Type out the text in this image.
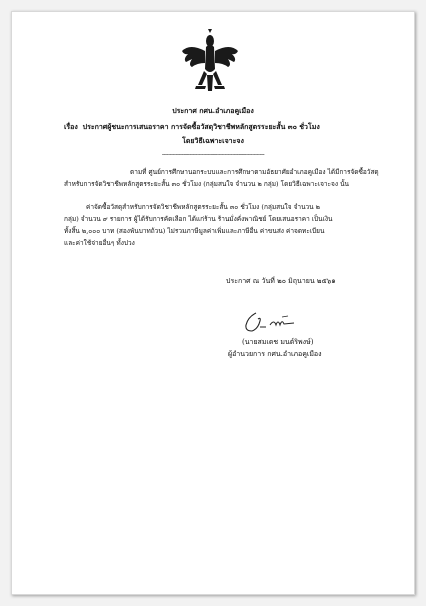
ประกาศ กศน.อำเภอคูเมือง
เรื่อง ประกาศผู้ชนะการเสนอราคา การจัดซื้อวัสดุวิชาชีพหลักสูตรระยะสั้น ๓๐ ชั่วโมง
โดยวิธีเฉพาะเจาะจง
-------------------------------------------------------------------
ตามที่ ศูนย์การศึกษานอกระบบและการศึกษาตามอัธยาศัยอำเภอคูเมือง ได้มีการจัดซื้อวัสดุ
สำหรับการจัดวิชาชีพหลักสูตรระยะสั้น ๓๐ ชั่วโมง (กลุ่มสนใจ จำนวน ๒ กลุ่ม) โดยวิธีเฉพาะเจาะจง นั้น
ค่าจัดซื้อวัสดุสำหรับการจัดวิชาชีพหลักสูตรระยะสั้น ๓๐ ชั่วโมง (กลุ่มสนใจ จำนวน ๒
กลุ่ม) จำนวน ๙ รายการ ผู้ได้รับการคัดเลือก ได้แก่ร้าน ร้านมั่งคั่งพาณิชย์ โดยเสนอราคา เป็นเงิน
ทั้งสิ้น ๒,๐๐๐ บาท (สองพันบาทถ้วน) ไม่รวมภาษีมูลค่าเพิ่มและภาษีอื่น ค่าขนส่ง ค่าจดทะเบียน
และค่าใช้จ่ายอื่นๆ ทั้งปวง
ประกาศ ณ วันที่ ๒๐ มิถุนายน ๒๕๖๑
(นายสมเดช มนต์ริพงษ์)
ผู้อำนวยการ กศน.อำเภอคูเมือง
